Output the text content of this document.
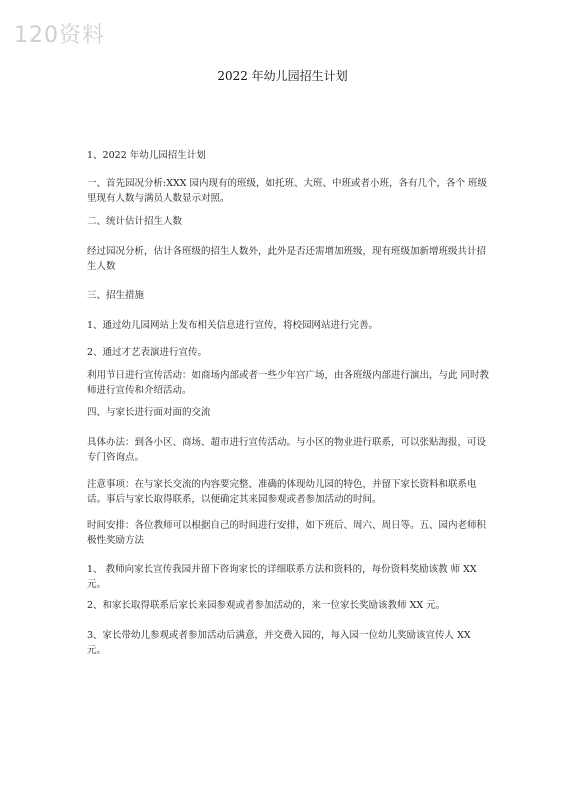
120资料
2022 年幼儿园招生计划

1、2022 年幼儿园招生计划

一、首先园况分析:XXX 园内现有的班级，如托班、大班、中班或者小班，各有几个，各个 班级里现有人数与满员人数显示对照。

二、统计估计招生人数

经过园况分析，估计各班级的招生人数外，此外是否还需增加班级，现有班级加新增班级共计招生人数

三、招生措施

1、通过幼儿园网站上发布相关信息进行宣传，将校园网站进行完善。

2、通过才艺表演进行宣传。

利用节日进行宣传活动：如商场内部或者一些少年宫广场，由各班级内部进行演出，与此 同时教师进行宣传和介绍活动。

四、与家长进行面对面的交流

具体办法：到各小区、商场、超市进行宣传活动。与小区的物业进行联系，可以张贴海报，可设专门咨询点。

注意事项：在与家长交流的内容要完整、准确的体现幼儿园的特色，并留下家长资料和联系电话。事后与家长取得联系，以便确定其来园参观或者参加活动的时间。

时间安排：各位教师可以根据自己的时间进行安排，如下班后、周六、周日等。五、园内老师积极性奖励方法

1、 教师向家长宣传我园并留下咨询家长的详细联系方法和资料的，每份资料奖励该教 师 XX 元。

2、和家长取得联系后家长来园参观或者参加活动的，来一位家长奖励该教师 XX 元。

3、家长带幼儿参观或者参加活动后满意，并交费入园的，每入园一位幼儿奖励该宣传人 XX 元。
